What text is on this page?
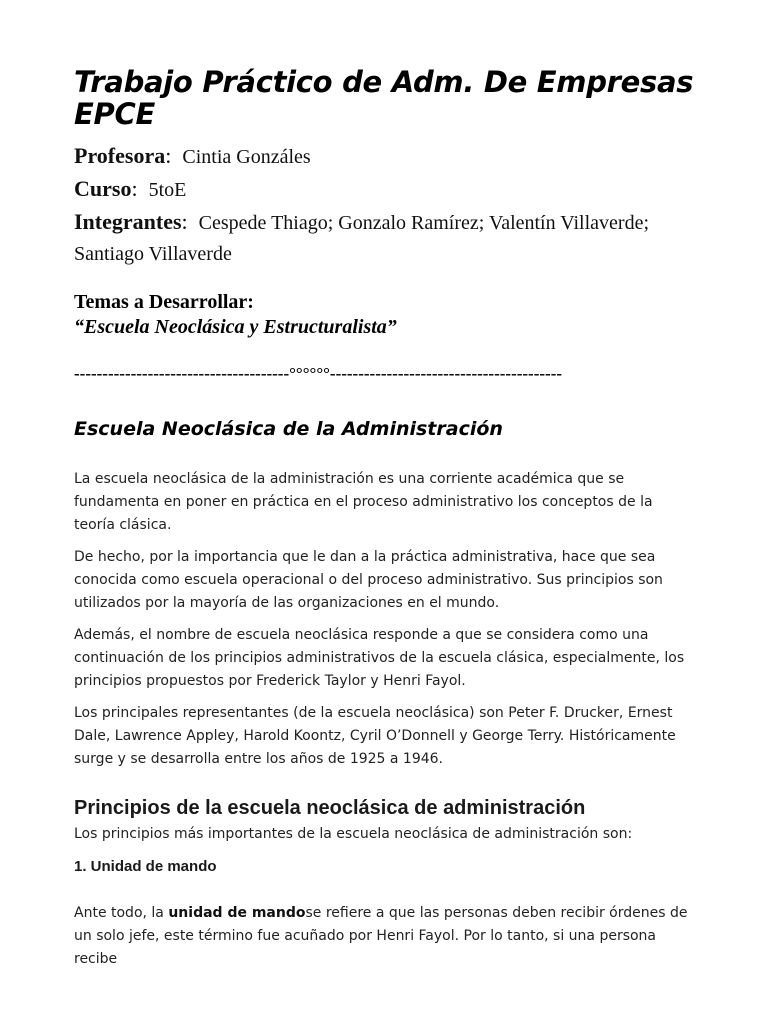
Trabajo Práctico de Adm. De Empresas
EPCE
Profesora: Cintia Gonzáles
Curso: 5toE
Integrantes: Cespede Thiago; Gonzalo Ramírez; Valentín Villaverde; Santiago Villaverde
Temas a Desarrollar:
“Escuela Neoclásica y Estructuralista”
--------------------------------------°°°°°°-----------------------------------------
Escuela Neoclásica de la Administración

La escuela neoclásica de la administración es una corriente académica que se fundamenta en poner en práctica en el proceso administrativo los conceptos de la teoría clásica.

De hecho, por la importancia que le dan a la práctica administrativa, hace que sea conocida como escuela operacional o del proceso administrativo. Sus principios son utilizados por la mayoría de las organizaciones en el mundo.

Además, el nombre de escuela neoclásica responde a que se considera como una continuación de los principios administrativos de la escuela clásica, especialmente, los principios propuestos por Frederick Taylor y Henri Fayol.

Los principales representantes (de la escuela neoclásica) son Peter F. Drucker, Ernest Dale, Lawrence Appley, Harold Koontz, Cyril O’Donnell y George Terry. Históricamente surge y se desarrolla entre los años de 1925 a 1946.

Principios de la escuela neoclásica de administración

Los principios más importantes de la escuela neoclásica de administración son:

1. Unidad de mando

Ante todo, la unidad de mandose refiere a que las personas deben recibir órdenes de un solo jefe, este término fue acuñado por Henri Fayol. Por lo tanto, si una persona recibe
